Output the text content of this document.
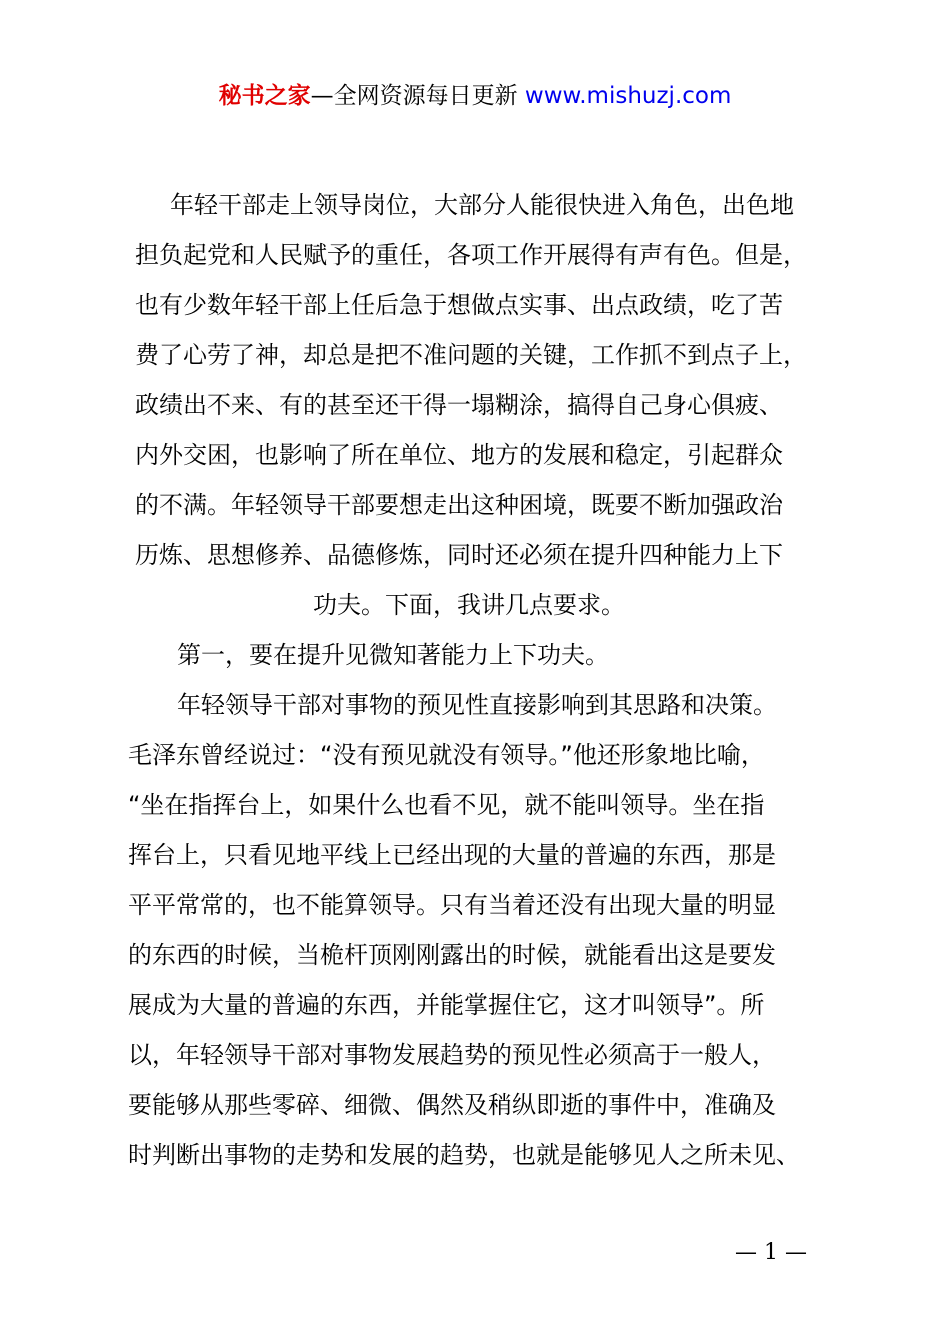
秘书之家—全网资源每日更新 www.mishuzj.com
年轻干部走上领导岗位，大部分人能很快进入角色，出色地
担负起党和人民赋予的重任，各项工作开展得有声有色。但是，
也有少数年轻干部上任后急于想做点实事、出点政绩，吃了苦
费了心劳了神，却总是把不准问题的关键，工作抓不到点子上，
政绩出不来、有的甚至还干得一塌糊涂，搞得自己身心俱疲、
内外交困，也影响了所在单位、地方的发展和稳定，引起群众
的不满。年轻领导干部要想走出这种困境，既要不断加强政治
历炼、思想修养、品德修炼，同时还必须在提升四种能力上下
功夫。下面，我讲几点要求。
第一，要在提升见微知著能力上下功夫。
年轻领导干部对事物的预见性直接影响到其思路和决策。
毛泽东曾经说过：“没有预见就没有领导。”他还形象地比喻，
“坐在指挥台上，如果什么也看不见，就不能叫领导。坐在指
挥台上，只看见地平线上已经出现的大量的普遍的东西，那是
平平常常的，也不能算领导。只有当着还没有出现大量的明显
的东西的时候，当桅杆顶刚刚露出的时候，就能看出这是要发
展成为大量的普遍的东西，并能掌握住它，这才叫领导”。所
以，年轻领导干部对事物发展趋势的预见性必须高于一般人，
要能够从那些零碎、细微、偶然及稍纵即逝的事件中，准确及
时判断出事物的走势和发展的趋势，也就是能够见人之所未见、
— 1 —
